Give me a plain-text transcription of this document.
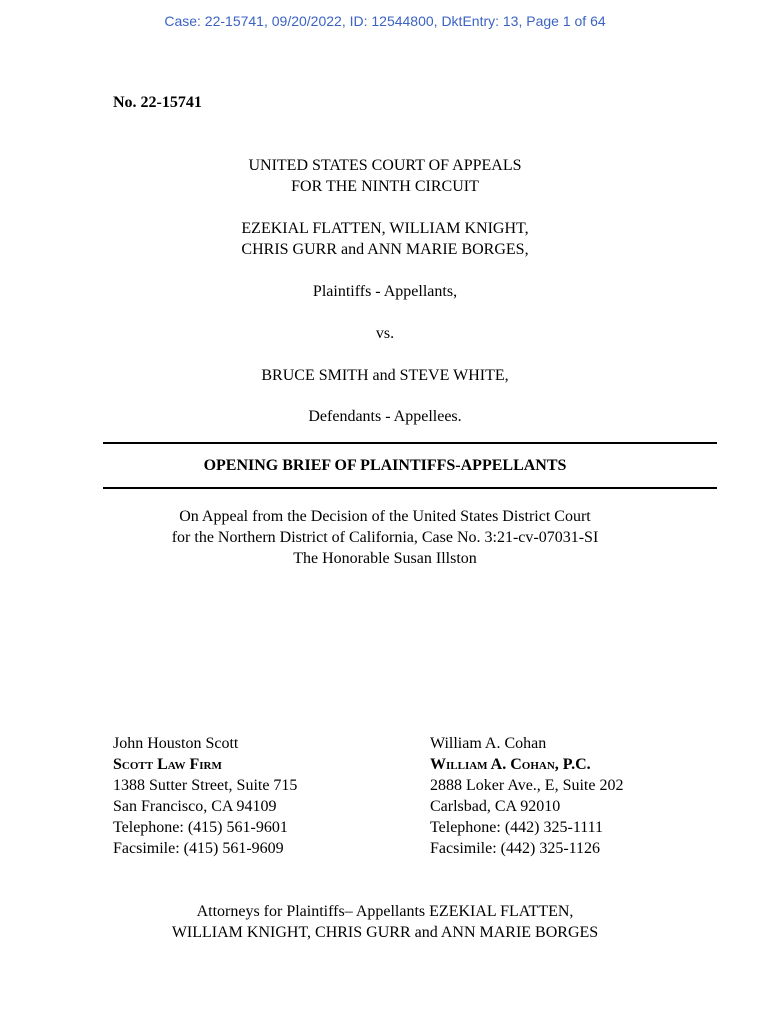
Case: 22-15741, 09/20/2022, ID: 12544800, DktEntry: 13, Page 1 of 64
No. 22-15741
UNITED STATES COURT OF APPEALS
FOR THE NINTH CIRCUIT
EZEKIAL FLATTEN, WILLIAM KNIGHT,
CHRIS GURR and ANN MARIE BORGES,
Plaintiffs - Appellants,
vs.
BRUCE SMITH and STEVE WHITE,
Defendants - Appellees.
OPENING BRIEF OF PLAINTIFFS-APPELLANTS
On Appeal from the Decision of the United States District Court
for the Northern District of California, Case No. 3:21-cv-07031-SI
The Honorable Susan Illston
John Houston Scott
Scott Law Firm
1388 Sutter Street, Suite 715
San Francisco, CA 94109
Telephone: (415) 561-9601
Facsimile: (415) 561-9609
William A. Cohan
William A. Cohan, P.C.
2888 Loker Ave., E, Suite 202
Carlsbad, CA 92010
Telephone: (442) 325-1111
Facsimile: (442) 325-1126
Attorneys for Plaintiffs– Appellants EZEKIAL FLATTEN,
WILLIAM KNIGHT, CHRIS GURR and ANN MARIE BORGES
